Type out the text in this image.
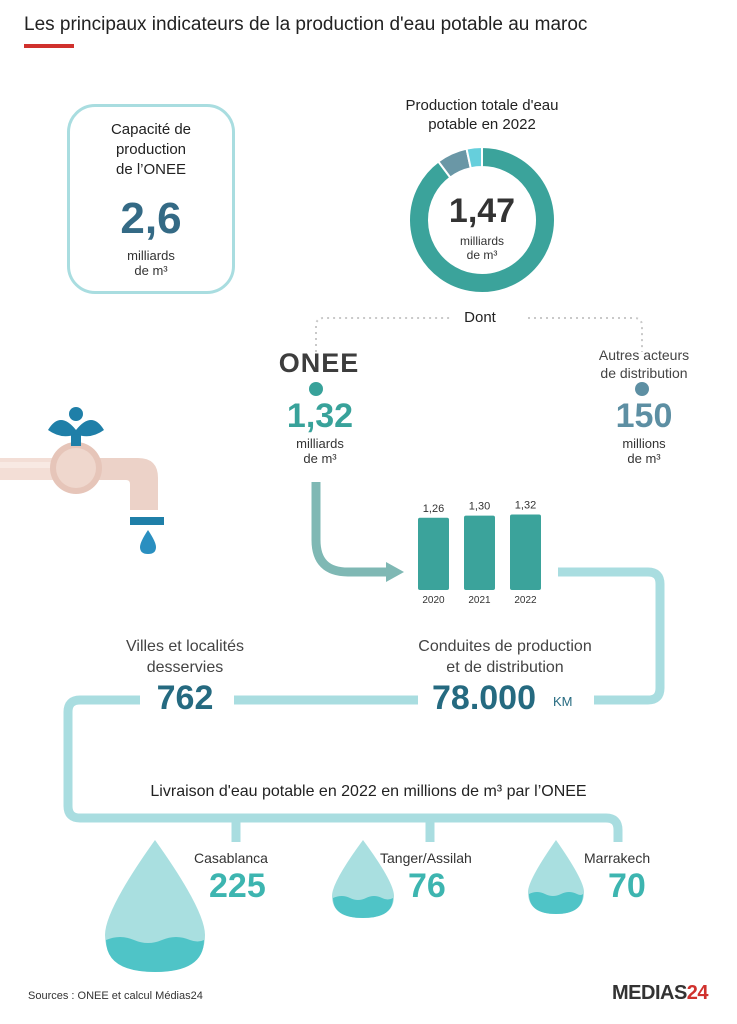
Les principaux indicateurs de la production d'eau potable au maroc
Capacité de
production
de l’ONEE
2,6
milliards
de m³
Production totale d'eau
potable en 2022
1,47
milliards
de m³
Dont
ONEE
1,32
milliards
de m³
Autres acteurs
de distribution
150
millions
de m³
1,26
2020
1,30
2021
1,32
2022
Villes et localités
desservies
762
Conduites de production
et de distribution
78.000	KM
Livraison d'eau potable en 2022 en millions de m³ par l’ONEE
Casablanca
225
Tanger/Assilah
76
Marrakech
70
Sources : ONEE et calcul Médias24	MEDIAS24
